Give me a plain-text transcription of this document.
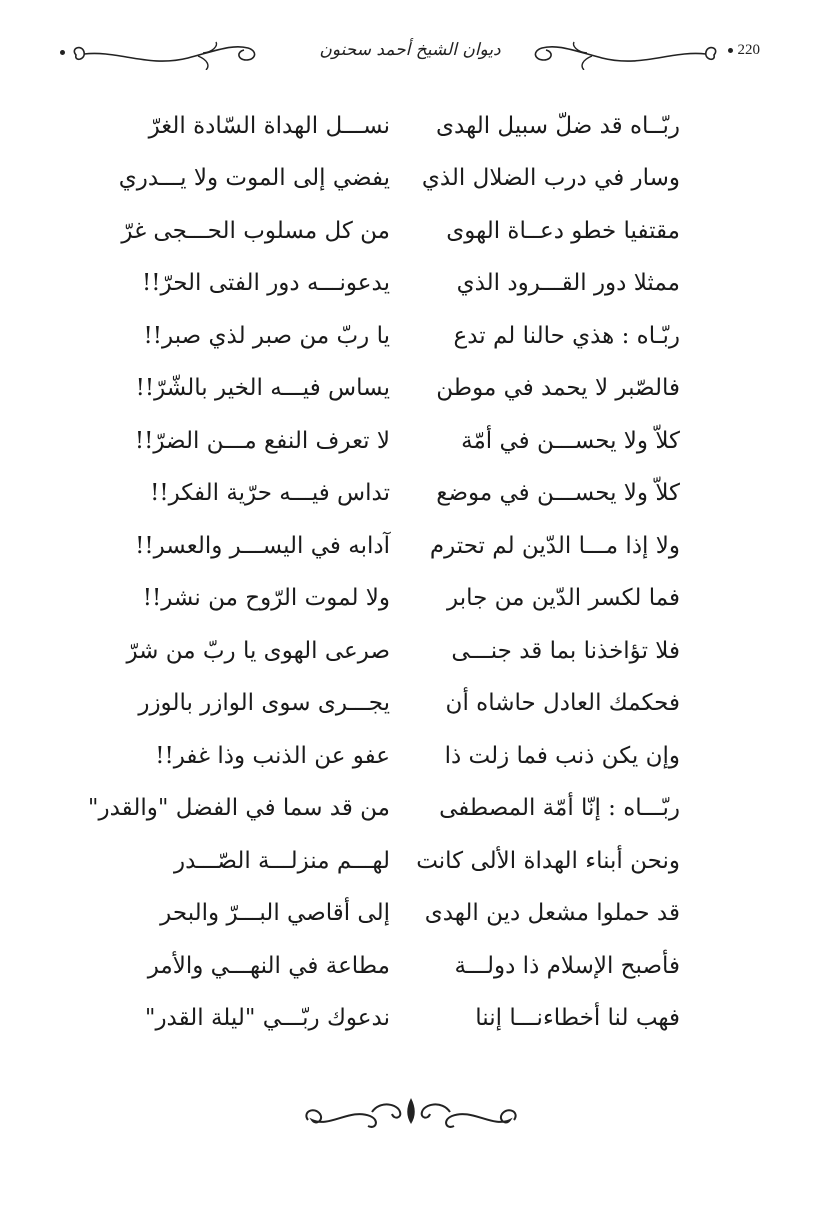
ديوان الشيخ أحمد سحنون	220
ربّــاه قد ضلّ سبيل الهدى
نســـل الهداة السّادة الغرّ
وسار في درب الضلال الذي
يفضي إلى الموت ولا يـــدري
مقتفيا خطو دعــاة الهوى
من كل مسلوب الحـــجى غرّ
ممثلا دور القـــرود الذي
يدعونـــه دور الفتى الحرّ!!
ربّـاه : هذي حالنا لم تدع
يا ربّ من صبر لذي صبر!!
فالصّبر لا يحمد في موطن
يساس فيـــه الخير بالشّرّ!!
كلاّ ولا يحســـن في أمّة
لا تعرف النفع مـــن الضرّ!!
كلاّ ولا يحســـن في موضع
تداس فيـــه حرّية الفكر!!
ولا إذا مـــا الدّين لم تحترم
آدابه في اليســـر والعسر!!
فما لكسر الدّين من جابر
ولا لموت الرّوح من نشر!!
فلا تؤاخذنا بما قد جنـــى
صرعى الهوى يا ربّ من شرّ
فحكمك العادل حاشاه أن
يجـــرى سوى الوازر بالوزر
وإن يكن ذنب فما زلت ذا
عفو عن الذنب وذا غفر!!
ربّـــاه : إنّا أمّة المصطفى
من قد سما في الفضل "والقدر"
ونحن أبناء الهداة الألى كانت
لهـــم منزلـــة الصّـــدر
قد حملوا مشعل دين الهدى
إلى أقاصي البـــرّ والبحر
فأصبح الإسلام ذا دولـــة
مطاعة في النهـــي والأمر
فهب لنا أخطاءنـــا إننا
ندعوك ربّـــي "ليلة القدر"
